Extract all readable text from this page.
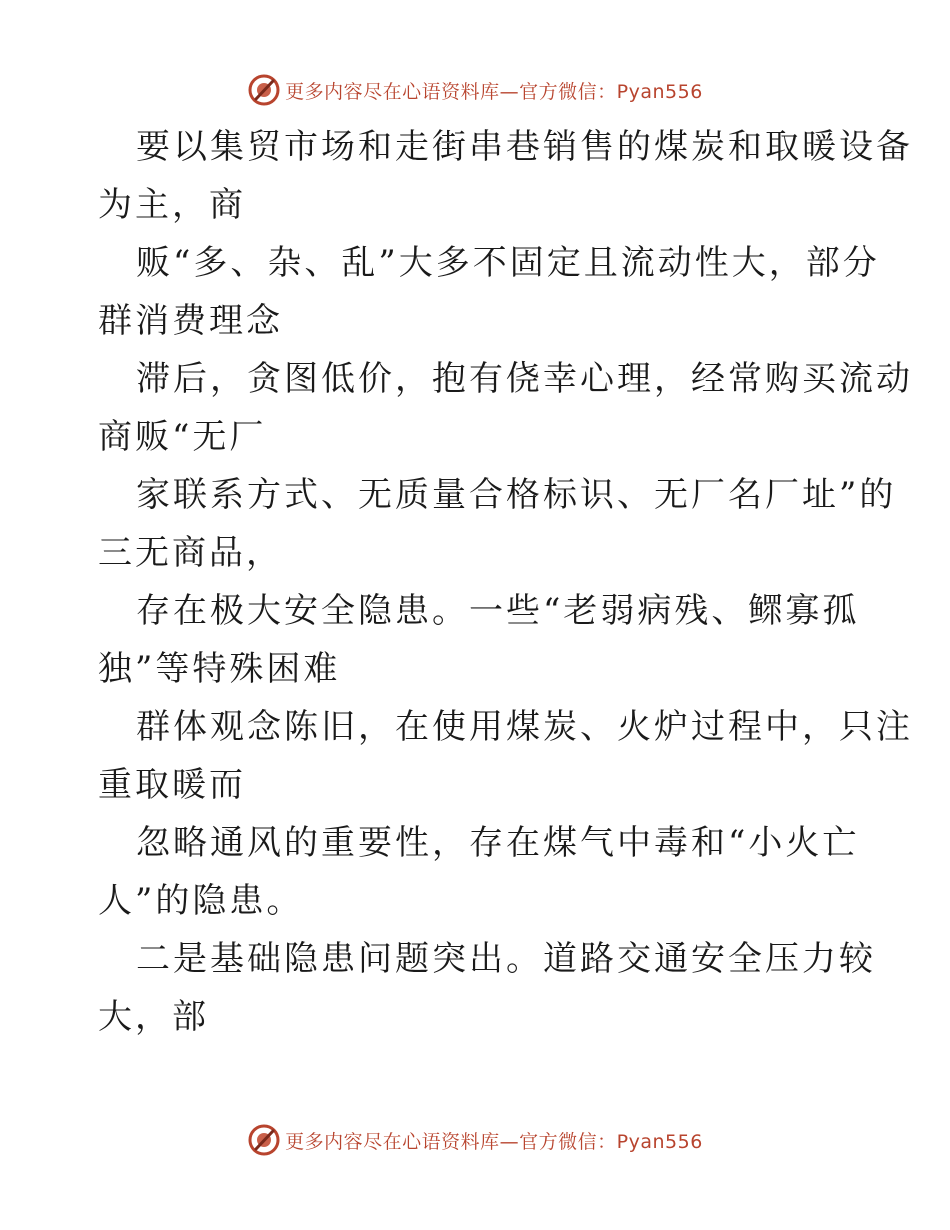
更多内容尽在心语资料库—官方微信：Pyan556
要以集贸市场和走街串巷销售的煤炭和取暖设备
为主，商
贩“多、杂、乱”大多不固定且流动性大，部分
群消费理念
滞后，贪图低价，抱有侥幸心理，经常购买流动
商贩“无厂
家联系方式、无质量合格标识、无厂名厂址”的
三无商品，
存在极大安全隐患。一些“老弱病残、鳏寡孤
独”等特殊困难
群体观念陈旧，在使用煤炭、火炉过程中，只注
重取暖而
忽略通风的重要性，存在煤气中毒和“小火亡
人”的隐患。
二是基础隐患问题突出。道路交通安全压力较
大，部
更多内容尽在心语资料库—官方微信：Pyan556
